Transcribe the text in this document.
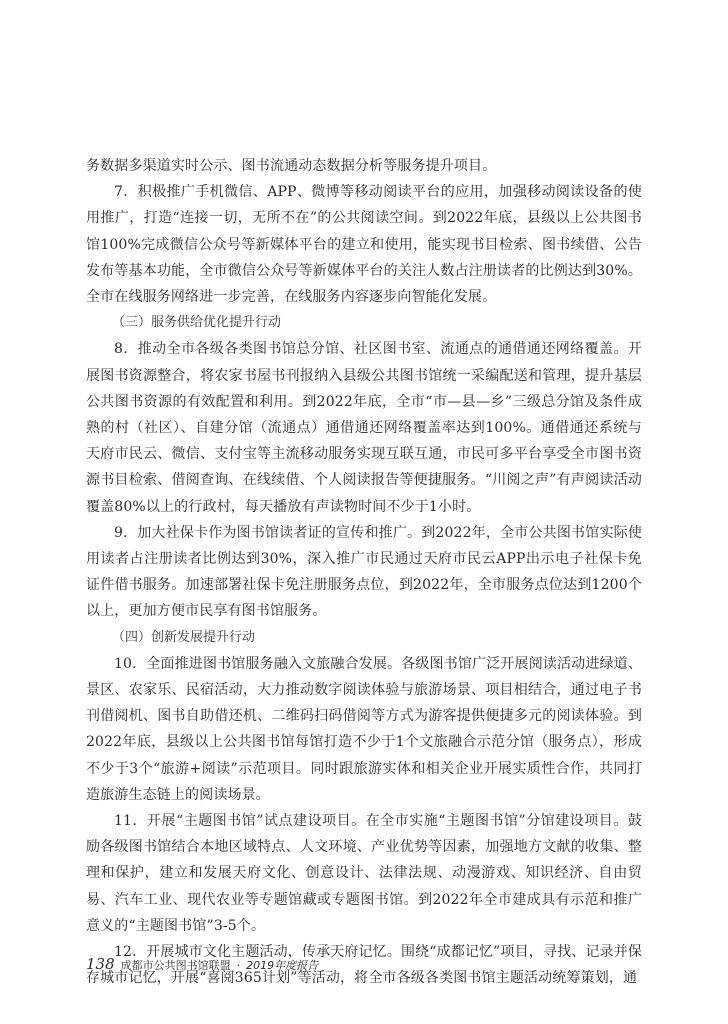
务数据多渠道实时公示、图书流通动态数据分析等服务提升项目。

7．积极推广手机微信、APP、微博等移动阅读平台的应用，加强移动阅读设备的使用推广，打造“连接一切，无所不在”的公共阅读空间。到2022年底，县级以上公共图书馆100%完成微信公众号等新媒体平台的建立和使用，能实现书目检索、图书续借、公告发布等基本功能，全市微信公众号等新媒体平台的关注人数占注册读者的比例达到30%。全市在线服务网络进一步完善，在线服务内容逐步向智能化发展。

（三）服务供给优化提升行动

8．推动全市各级各类图书馆总分馆、社区图书室、流通点的通借通还网络覆盖。开展图书资源整合，将农家书屋书刊报纳入县级公共图书馆统一采编配送和管理，提升基层公共图书资源的有效配置和利用。到2022年底，全市“市—县—乡”三级总分馆及条件成熟的村（社区）、自建分馆（流通点）通借通还网络覆盖率达到100%。通借通还系统与天府市民云、微信、支付宝等主流移动服务实现互联互通，市民可多平台享受全市图书资源书目检索、借阅查询、在线续借、个人阅读报告等便捷服务。“川阅之声”有声阅读活动覆盖80%以上的行政村，每天播放有声读物时间不少于1小时。

9．加大社保卡作为图书馆读者证的宣传和推广。到2022年，全市公共图书馆实际使用读者占注册读者比例达到30%，深入推广市民通过天府市民云APP出示电子社保卡免证件借书服务。加速部署社保卡免注册服务点位，到2022年，全市服务点位达到1200个以上，更加方便市民享有图书馆服务。

（四）创新发展提升行动

10．全面推进图书馆服务融入文旅融合发展。各级图书馆广泛开展阅读活动进绿道、景区、农家乐、民宿活动，大力推动数字阅读体验与旅游场景、项目相结合，通过电子书刊借阅机、图书自助借还机、二维码扫码借阅等方式为游客提供便捷多元的阅读体验。到2022年底，县级以上公共图书馆每馆打造不少于1个文旅融合示范分馆（服务点），形成不少于3个“旅游+阅读”示范项目。同时跟旅游实体和相关企业开展实质性合作，共同打造旅游生态链上的阅读场景。

11．开展“主题图书馆”试点建设项目。在全市实施“主题图书馆”分馆建设项目。鼓励各级图书馆结合本地区域特点、人文环境、产业优势等因素，加强地方文献的收集、整理和保护，建立和发展天府文化、创意设计、法律法规、动漫游戏、知识经济、自由贸易、汽车工业、现代农业等专题馆藏或专题图书馆。到2022年全市建成具有示范和推广意义的“主题图书馆”3-5个。

12．开展城市文化主题活动，传承天府记忆。围绕“成都记忆”项目，寻找、记录并保存城市记忆，开展“喜阅365计划”等活动，将全市各级各类图书馆主题活动统筹策划，通

138 成都市公共图书馆联盟 · 2019年度报告
